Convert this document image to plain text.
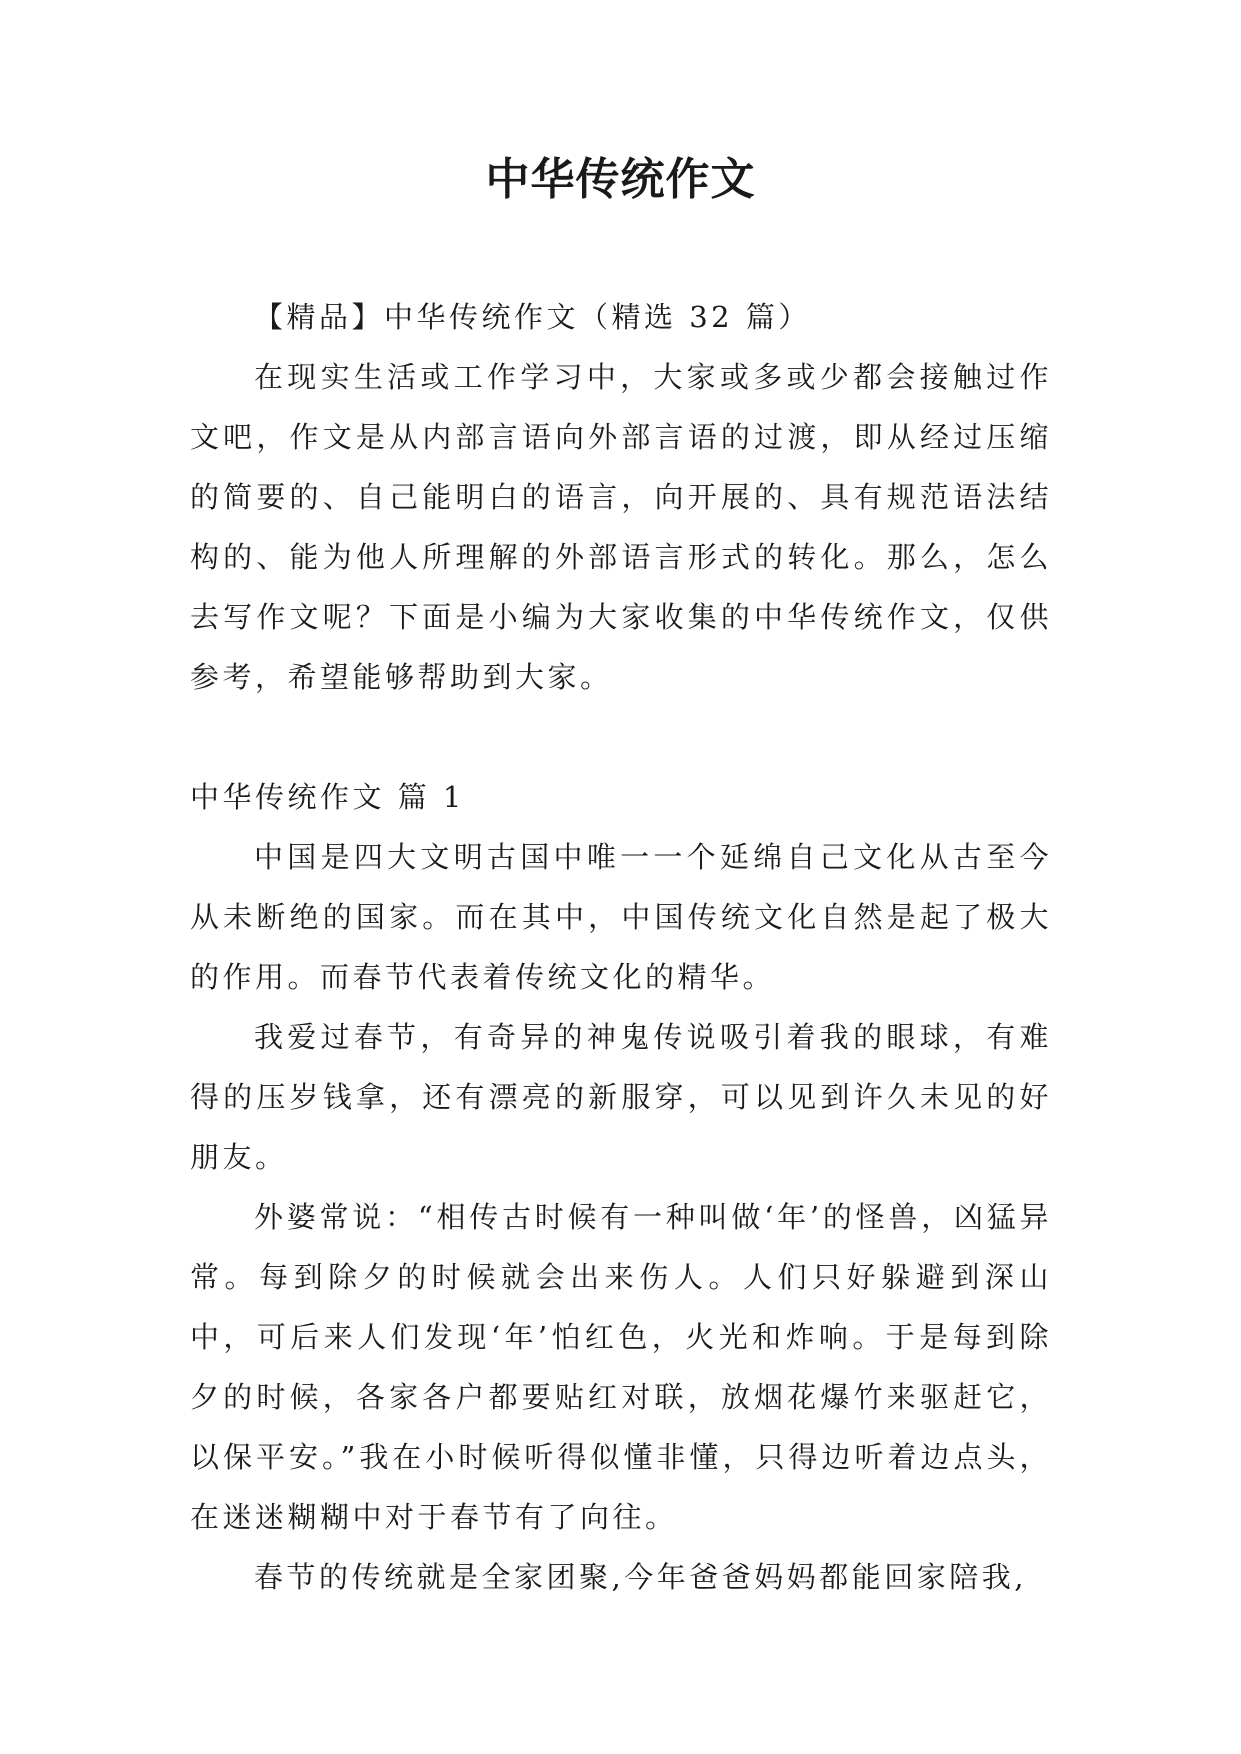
中华传统作文

【精品】中华传统作文（精选 32 篇）

在现实生活或工作学习中，大家或多或少都会接触过作文吧，作文是从内部言语向外部言语的过渡，即从经过压缩的简要的、自己能明白的语言，向开展的、具有规范语法结构的、能为他人所理解的外部语言形式的转化。那么，怎么去写作文呢？下面是小编为大家收集的中华传统作文，仅供参考，希望能够帮助到大家。

中华传统作文 篇 1

中国是四大文明古国中唯一一个延绵自己文化从古至今从未断绝的国家。而在其中，中国传统文化自然是起了极大的作用。而春节代表着传统文化的精华。

我爱过春节，有奇异的神鬼传说吸引着我的眼球，有难得的压岁钱拿，还有漂亮的新服穿，可以见到许久未见的好朋友。

外婆常说：“相传古时候有一种叫做‘年’的怪兽，凶猛异常。每到除夕的时候就会出来伤人。人们只好躲避到深山中，可后来人们发现‘年’怕红色，火光和炸响。于是每到除夕的时候，各家各户都要贴红对联，放烟花爆竹来驱赶它，以保平安。”我在小时候听得似懂非懂，只得边听着边点头，在迷迷糊糊中对于春节有了向往。

春节的传统就是全家团聚,今年爸爸妈妈都能回家陪我,
